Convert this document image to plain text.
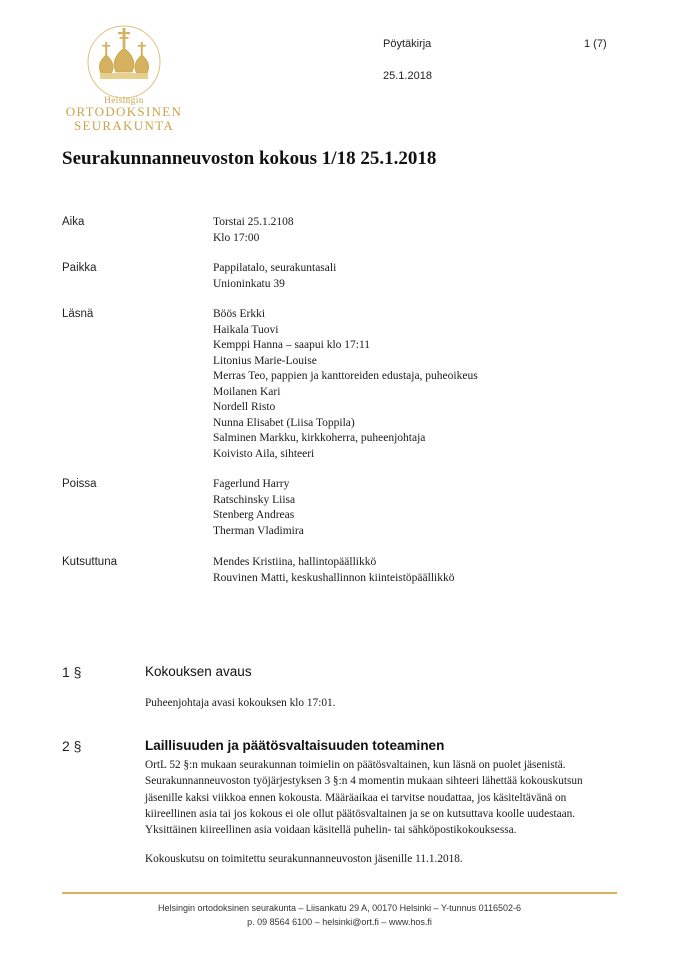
Helsingin
ORTODOKSINEN
SEURAKUNTA
Pöytäkirja	1 (7)
25.1.2018
Seurakunnanneuvoston kokous 1/18 25.1.2018
Aika	Torstai 25.1.2108
Klo 17:00
Paikka	Pappilatalo, seurakuntasali
Unioninkatu 39
Läsnä	Böös Erkki
Haikala Tuovi
Kemppi Hanna – saapui klo 17:11
Litonius Marie-Louise
Merras Teo, pappien ja kanttoreiden edustaja, puheoikeus
Moilanen Kari
Nordell Risto
Nunna Elisabet (Liisa Toppila)
Salminen Markku, kirkkoherra, puheenjohtaja
Koivisto Aila, sihteeri
Poissa	Fagerlund Harry
Ratschinsky Liisa
Stenberg Andreas
Therman Vladimira
Kutsuttuna	Mendes Kristiina, hallintopäällikkö
Rouvinen Matti, keskushallinnon kiinteistöpäällikkö
1 §	Kokouksen avaus
Puheenjohtaja avasi kokouksen klo 17:01.
2 §	Laillisuuden ja päätösvaltaisuuden toteaminen
OrtL 52 §:n mukaan seurakunnan toimielin on päätösvaltainen, kun läsnä on puolet jäsenistä. Seurakunnanneuvoston työjärjestyksen 3 §:n 4 momentin mukaan sihteeri lähettää kokouskutsun jäsenille kaksi viikkoa ennen kokousta. Määräaikaa ei tarvitse noudattaa, jos käsiteltävänä on kiireellinen asia tai jos kokous ei ole ollut päätösvaltainen ja se on kutsuttava koolle uudestaan. Yksittäinen kiireellinen asia voidaan käsitellä puhelin- tai sähköpostikokouksessa.
Kokouskutsu on toimitettu seurakunnanneuvoston jäsenille 11.1.2018.
Helsingin ortodoksinen seurakunta – Liisankatu 29 A, 00170 Helsinki – Y-tunnus 0116502-6
p. 09 8564 6100 – helsinki@ort.fi – www.hos.fi
